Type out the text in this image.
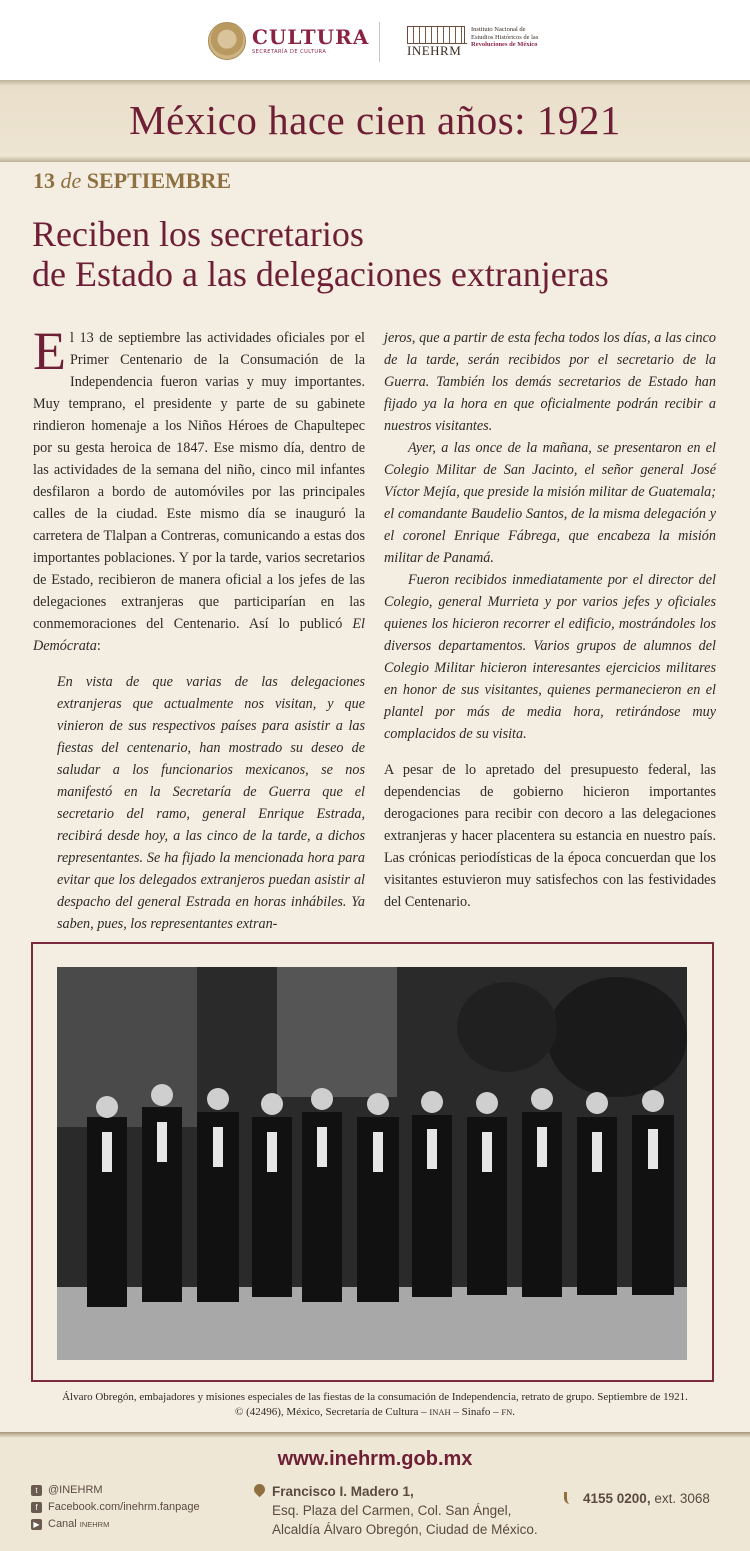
CULTURA
SECRETARÍA DE CULTURA	INEHRM
Instituto Nacional de
Estudios Históricos de las
Revoluciones de México
México hace cien años: 1921
13 de SEPTIEMBRE
Reciben los secretarios
de Estado a las delegaciones extranjeras

El 13 de septiembre las actividades oficiales por el Primer Centenario de la Consumación de la Independencia fueron varias y muy importantes. Muy temprano, el presidente y parte de su gabinete rindieron homenaje a los Niños Héroes de Chapultepec por su gesta heroica de 1847. Ese mismo día, dentro de las actividades de la semana del niño, cinco mil infantes desfilaron a bordo de automóviles por las principales calles de la ciudad. Este mismo día se inauguró la carretera de Tlalpan a Contreras, comunicando a estas dos importantes poblaciones. Y por la tarde, varios secretarios de Estado, recibieron de manera oficial a los jefes de las delegaciones extranjeras que participarían en las conmemoraciones del Centenario. Así lo publicó El Demócrata:

En vista de que varias de las delegaciones extranjeras que actualmente nos visitan, y que vinieron de sus respectivos países para asistir a las fiestas del centenario, han mostrado su deseo de saludar a los funcionarios mexicanos, se nos manifestó en la Secretaría de Guerra que el secretario del ramo, general Enrique Estrada, recibirá desde hoy, a las cinco de la tarde, a dichos representantes. Se ha fijado la mencionada hora para evitar que los delegados extranjeros puedan asistir al despacho del general Estrada en horas inhábiles. Ya saben, pues, los representantes extran-

jeros, que a partir de esta fecha todos los días, a las cinco de la tarde, serán recibidos por el secretario de la Guerra. También los demás secretarios de Estado han fijado ya la hora en que oficialmente podrán recibir a nuestros visitantes.

Ayer, a las once de la mañana, se presentaron en el Colegio Militar de San Jacinto, el señor general José Víctor Mejía, que preside la misión militar de Guatemala; el comandante Baudelio Santos, de la misma delegación y el coronel Enrique Fábrega, que encabeza la misión militar de Panamá.

Fueron recibidos inmediatamente por el director del Colegio, general Murrieta y por varios jefes y oficiales quienes los hicieron recorrer el edificio, mostrándoles los diversos departamentos. Varios grupos de alumnos del Colegio Militar hicieron interesantes ejercicios militares en honor de sus visitantes, quienes permanecieron en el plantel por más de media hora, retirándose muy complacidos de su visita.

A pesar de lo apretado del presupuesto federal, las dependencias de gobierno hicieron importantes derogaciones para recibir con decoro a las delegaciones extranjeras y hacer placentera su estancia en nuestro país. Las crónicas periodísticas de la época concuerdan que los visitantes estuvieron muy satisfechos con las festividades del Centenario.

Álvaro Obregón, embajadores y misiones especiales de las fiestas de la consumación de Independencia, retrato de grupo. Septiembre de 1921.
© (42496), México, Secretaría de Cultura – INAH – Sinafo – FN.
www.inehrm.gob.mx
t @INEHRM
f Facebook.com/inehrm.fanpage
▶ Canal INEHRM
Francisco I. Madero 1,
Esq. Plaza del Carmen, Col. San Ángel,
Alcaldía Álvaro Obregón, Ciudad de México.
4155 0200, ext. 3068
